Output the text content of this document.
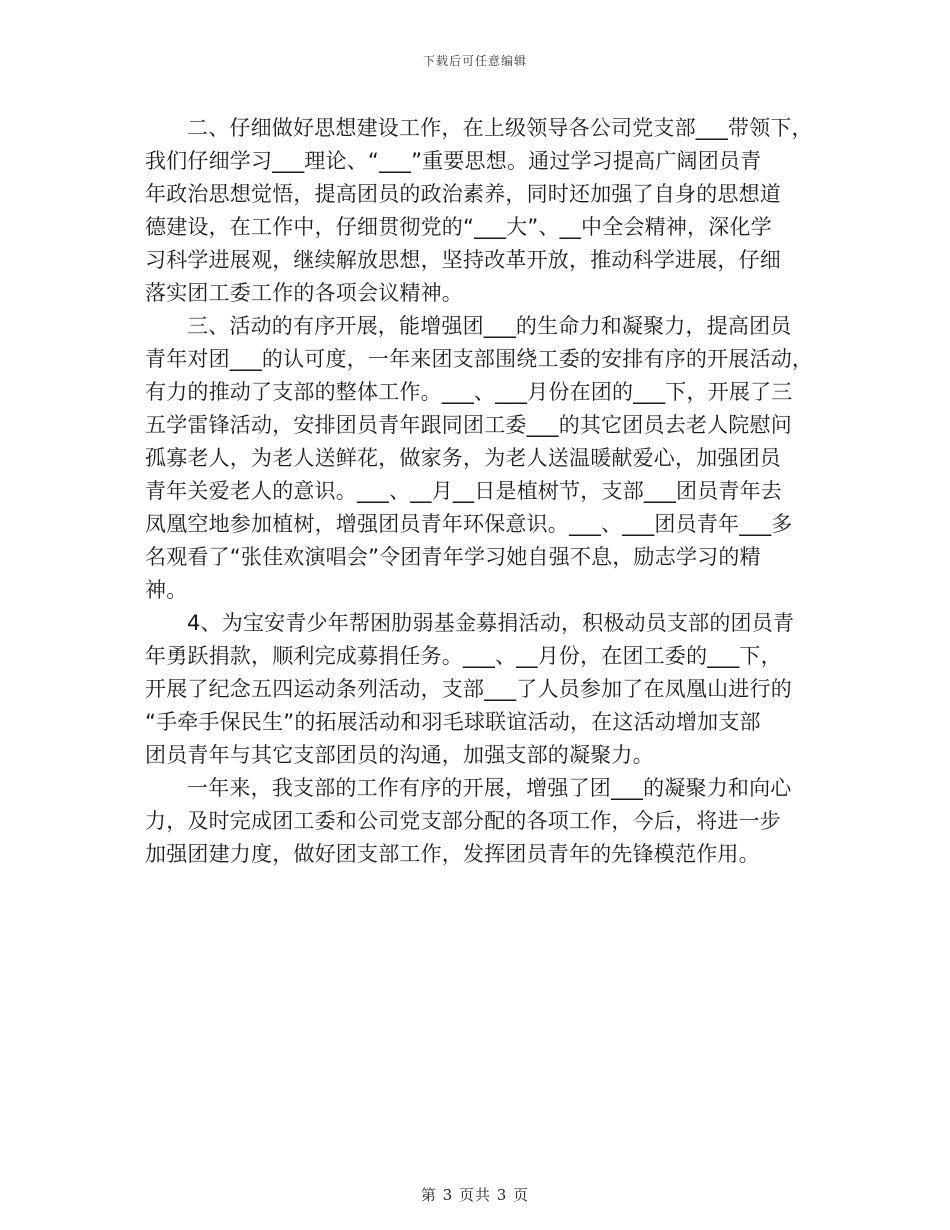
下载后可任意编辑
二、仔细做好思想建设工作，在上级领导各公司党支部___带领下，
我们仔细学习___理论、“___”重要思想。通过学习提高广阔团员青
年政治思想觉悟，提高团员的政治素养，同时还加强了自身的思想道
德建设，在工作中，仔细贯彻党的“___大”、__中全会精神，深化学
习科学进展观，继续解放思想，坚持改革开放，推动科学进展，仔细
落实团工委工作的各项会议精神。
三、活动的有序开展，能增强团___的生命力和凝聚力，提高团员
青年对团___的认可度，一年来团支部围绕工委的安排有序的开展活动，
有力的推动了支部的整体工作。___、___月份在团的___下，开展了三
五学雷锋活动，安排团员青年跟同团工委___的其它团员去老人院慰问
孤寡老人，为老人送鲜花，做家务，为老人送温暖献爱心，加强团员
青年关爱老人的意识。___、__月__日是植树节，支部___团员青年去
凤凰空地参加植树，增强团员青年环保意识。___、___团员青年___多
名观看了“张佳欢演唱会”令团青年学习她自强不息，励志学习的精
神。
4、为宝安青少年帮困肋弱基金募捐活动，积极动员支部的团员青
年勇跃捐款，顺利完成募捐任务。___、__月份，在团工委的___下，
开展了纪念五四运动条列活动，支部___了人员参加了在凤凰山进行的
“手牵手保民生”的拓展活动和羽毛球联谊活动，在这活动增加支部
团员青年与其它支部团员的沟通，加强支部的凝聚力。
一年来，我支部的工作有序的开展，增强了团___的凝聚力和向心
力，及时完成团工委和公司党支部分配的各项工作，今后，将进一步
加强团建力度，做好团支部工作，发挥团员青年的先锋模范作用。
第 3 页共 3 页
